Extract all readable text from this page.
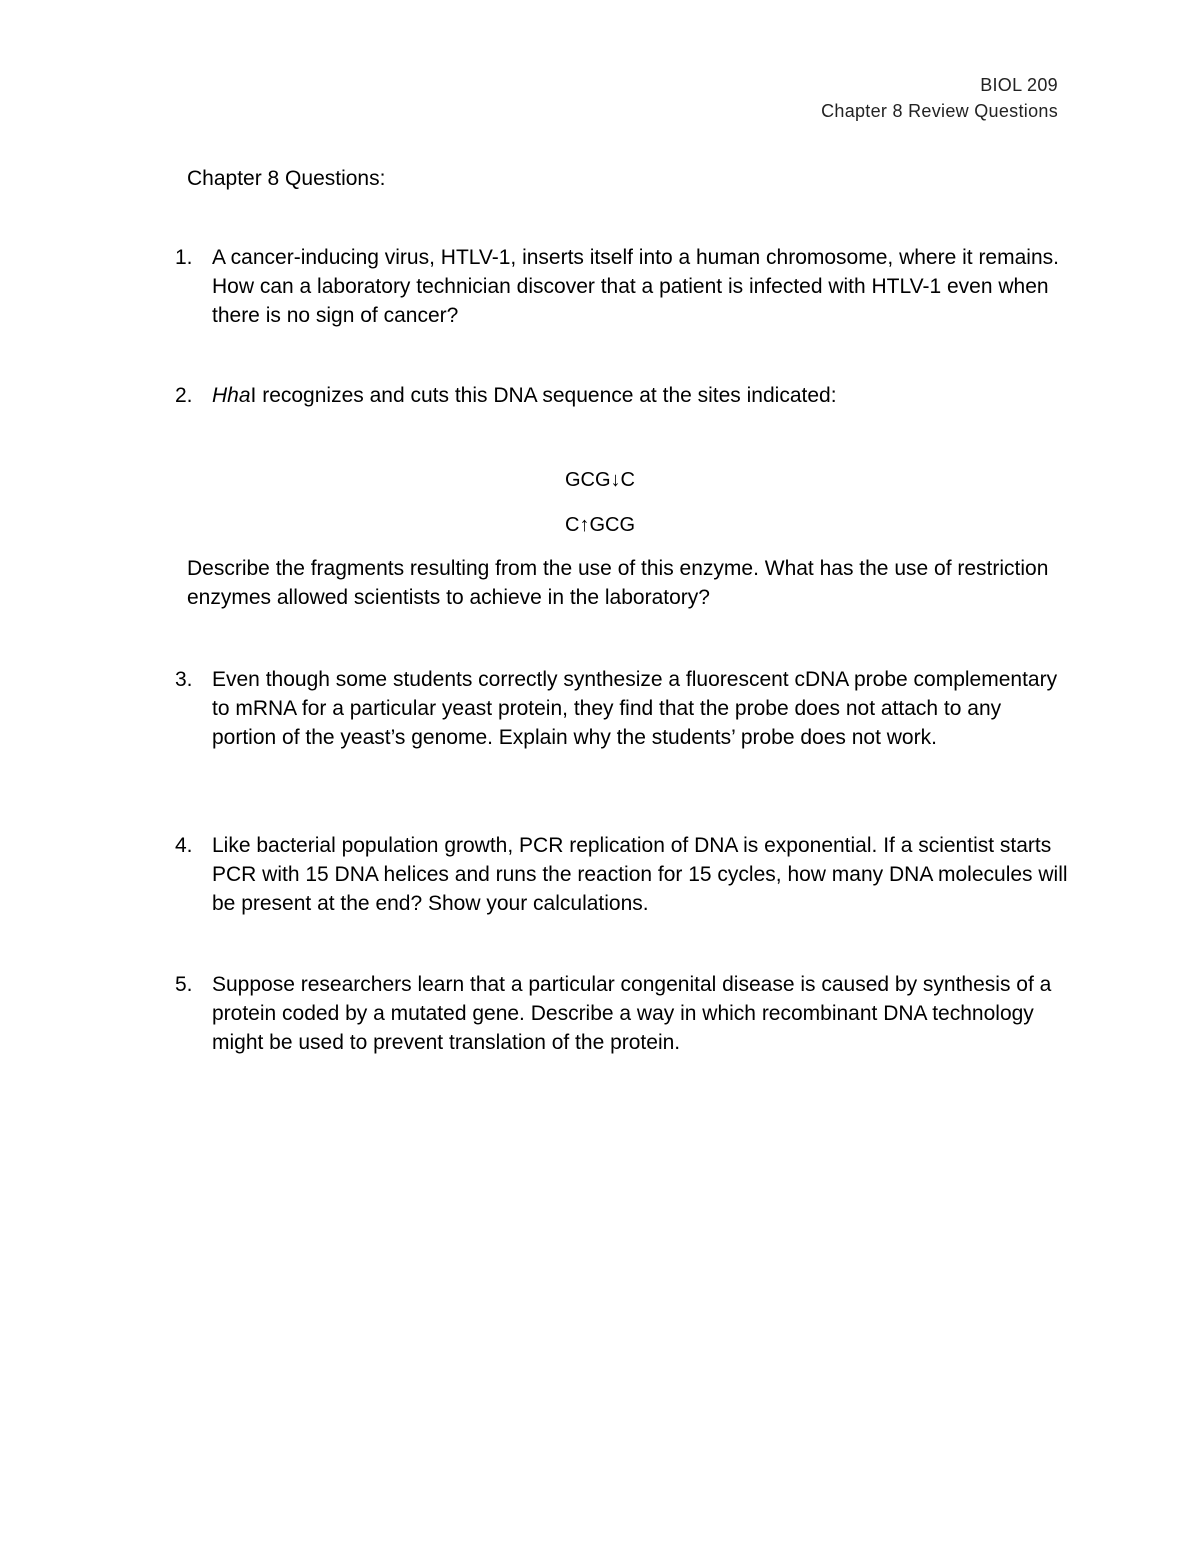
BIOL 209
Chapter 8 Review Questions
Chapter 8 Questions:
1. A cancer-inducing virus, HTLV-1, inserts itself into a human chromosome, where it remains. How can a laboratory technician discover that a patient is infected with HTLV-1 even when there is no sign of cancer?
2. HhaI recognizes and cuts this DNA sequence at the sites indicated:
GCG↓C
C↑GCG
Describe the fragments resulting from the use of this enzyme. What has the use of restriction enzymes allowed scientists to achieve in the laboratory?
3. Even though some students correctly synthesize a fluorescent cDNA probe complementary to mRNA for a particular yeast protein, they find that the probe does not attach to any portion of the yeast’s genome. Explain why the students’ probe does not work.
4. Like bacterial population growth, PCR replication of DNA is exponential. If a scientist starts PCR with 15 DNA helices and runs the reaction for 15 cycles, how many DNA molecules will be present at the end? Show your calculations.
5. Suppose researchers learn that a particular congenital disease is caused by synthesis of a protein coded by a mutated gene. Describe a way in which recombinant DNA technology might be used to prevent translation of the protein.
